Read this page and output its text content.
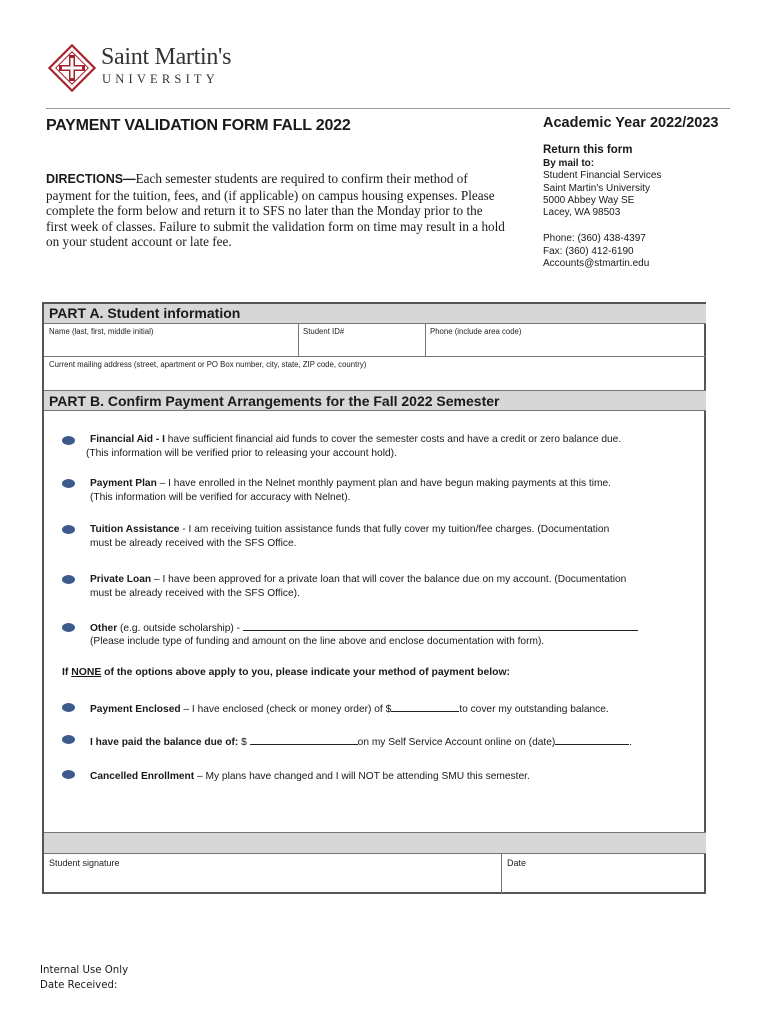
Saint Martin's
UNIVERSITY
PAYMENT VALIDATION FORM FALL 2022	Academic Year 2022/2023
Return this form
By mail to:
Student Financial Services
Saint Martin's University
5000 Abbey Way SE
Lacey, WA 98503
Phone: (360) 438-4397
Fax: (360) 412-6190
Accounts@stmartin.edu
DIRECTIONS—Each semester students are required to confirm their method of payment for the tuition, fees, and (if applicable) on campus housing expenses. Please complete the form below and return it to SFS no later than the Monday prior to the first week of classes. Failure to submit the validation form on time may result in a hold on your student account or late fee.
PART A. Student information
Name (last, first, middle initial)	Student ID#	Phone (include area code)
Current mailing address (street, apartment or PO Box number, city, state, ZIP code, country)
PART B. Confirm Payment Arrangements for the Fall 2022 Semester
Financial Aid - I have sufficient financial aid funds to cover the semester costs and have a credit or zero balance due.
(This information will be verified prior to releasing your account hold).
Payment Plan – I have enrolled in the Nelnet monthly payment plan and have begun making payments at this time.
(This information will be verified for accuracy with Nelnet).
Tuition Assistance - I am receiving tuition assistance funds that fully cover my tuition/fee charges. (Documentation
must be already received with the SFS Office.
Private Loan – I have been approved for a private loan that will cover the balance due on my account. (Documentation
must be already received with the SFS Office).
Other (e.g. outside scholarship) -
(Please include type of funding and amount on the line above and enclose documentation with form).
If NONE of the options above apply to you, please indicate your method of payment below:
Payment Enclosed – I have enclosed (check or money order) of $	to cover my outstanding balance.
I have paid the balance due of: $	on my Self Service Account online on (date)	.
Cancelled Enrollment – My plans have changed and I will NOT be attending SMU this semester.
Student signature	Date
Internal Use Only
Date Received:
